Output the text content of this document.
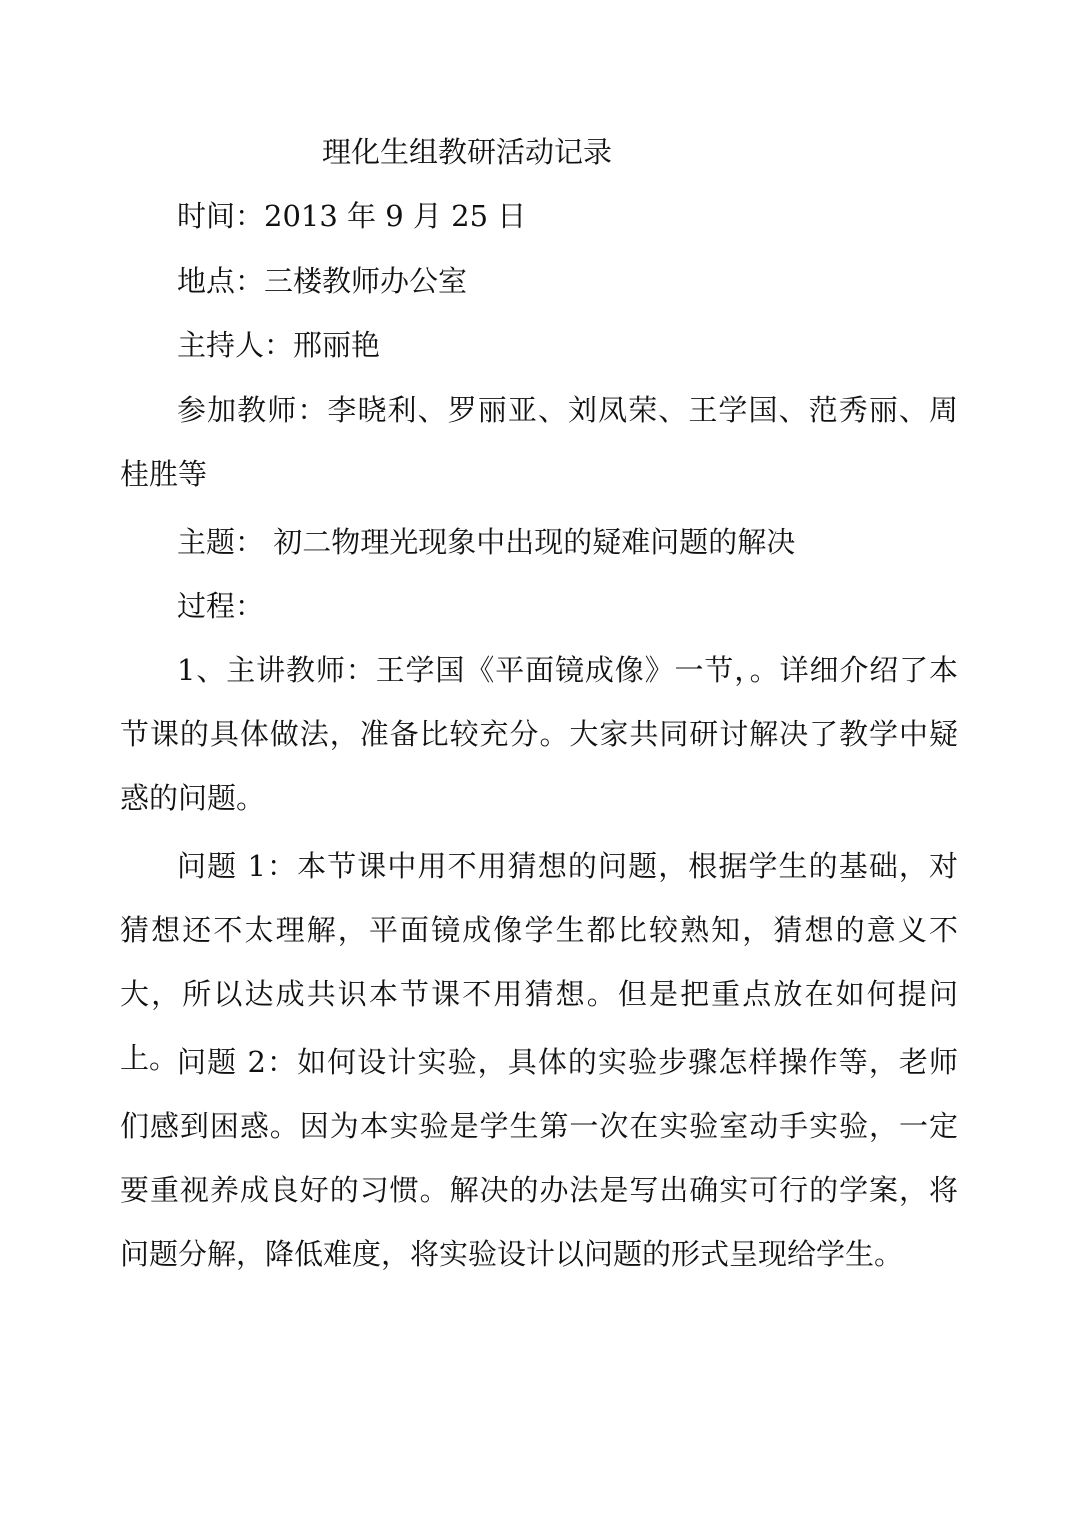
理化生组教研活动记录
时间：2013 年 9 月 25 日
地点：三楼教师办公室
主持人：邢丽艳
参加教师：李晓利、罗丽亚、刘凤荣、王学国、范秀丽、周桂胜等
主题： 初二物理光现象中出现的疑难问题的解决
过程：
1、主讲教师：王学国《平面镜成像》一节，。详细介绍了本节课的具体做法，准备比较充分。大家共同研讨解决了教学中疑惑的问题。
问题 1：本节课中用不用猜想的问题，根据学生的基础，对猜想还不太理解，平面镜成像学生都比较熟知，猜想的意义不大，所以达成共识本节课不用猜想。但是把重点放在如何提问上。
问题 2：如何设计实验，具体的实验步骤怎样操作等，老师们感到困惑。因为本实验是学生第一次在实验室动手实验，一定要重视养成良好的习惯。解决的办法是写出确实可行的学案，将问题分解，降低难度，将实验设计以问题的形式呈现给学生。
